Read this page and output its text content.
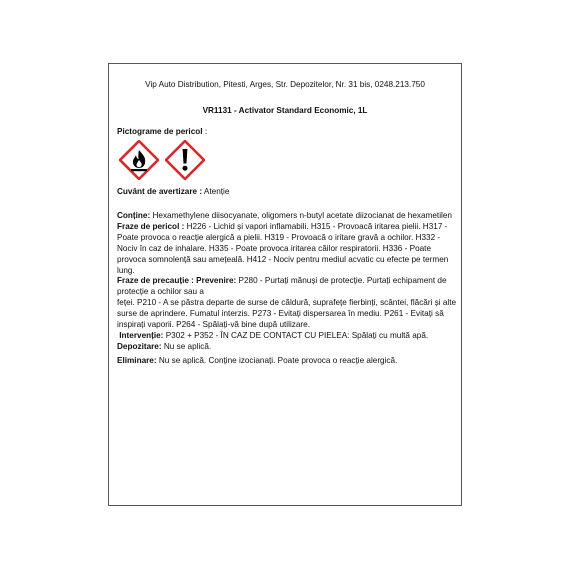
Vip Auto Distribution, Pitesti, Arges, Str. Depozitelor, Nr. 31 bis, 0248.213.750
VR1131 - Activator Standard Economic, 1L
Pictograme de pericol :
Cuvânt de avertizare : Atenție

Conține: Hexamethylene diisocyanate, oligomers n-butyl acetate diizocianat de hexametilen

Fraze de pericol : H226 - Lichid și vapori inflamabili. H315 - Provoacă iritarea pielii. H317 - Poate provoca o reacție alergică a pielii. H319 - Provoacă o iritare gravă a ochilor. H332 - Nociv în caz de inhalare. H335 - Poate provoca iritarea căilor respiratorii. H336 - Poate provoca somnolență sau amețeală. H412 - Nociv pentru mediul acvatic cu efecte pe termen lung.

Fraze de precauție : Prevenire: P280 - Purtați mănuși de protecție. Purtați echipament de protecție a ochilor sau a

feței. P210 - A se păstra departe de surse de căldură, suprafețe fierbinți, scântei, flăcări și alte surse de aprindere. Fumatul interzis. P273 - Evitați dispersarea în mediu. P261 - Evitați să inspirați vaporii. P264 - Spălați-vă bine după utilizare.

Intervenție: P302 + P352 - ÎN CAZ DE CONTACT CU PIELEA: Spălați cu multă apă.

Depozitare: Nu se aplică.

Eliminare: Nu se aplică. Conține izocianați. Poate provoca o reacție alergică.
